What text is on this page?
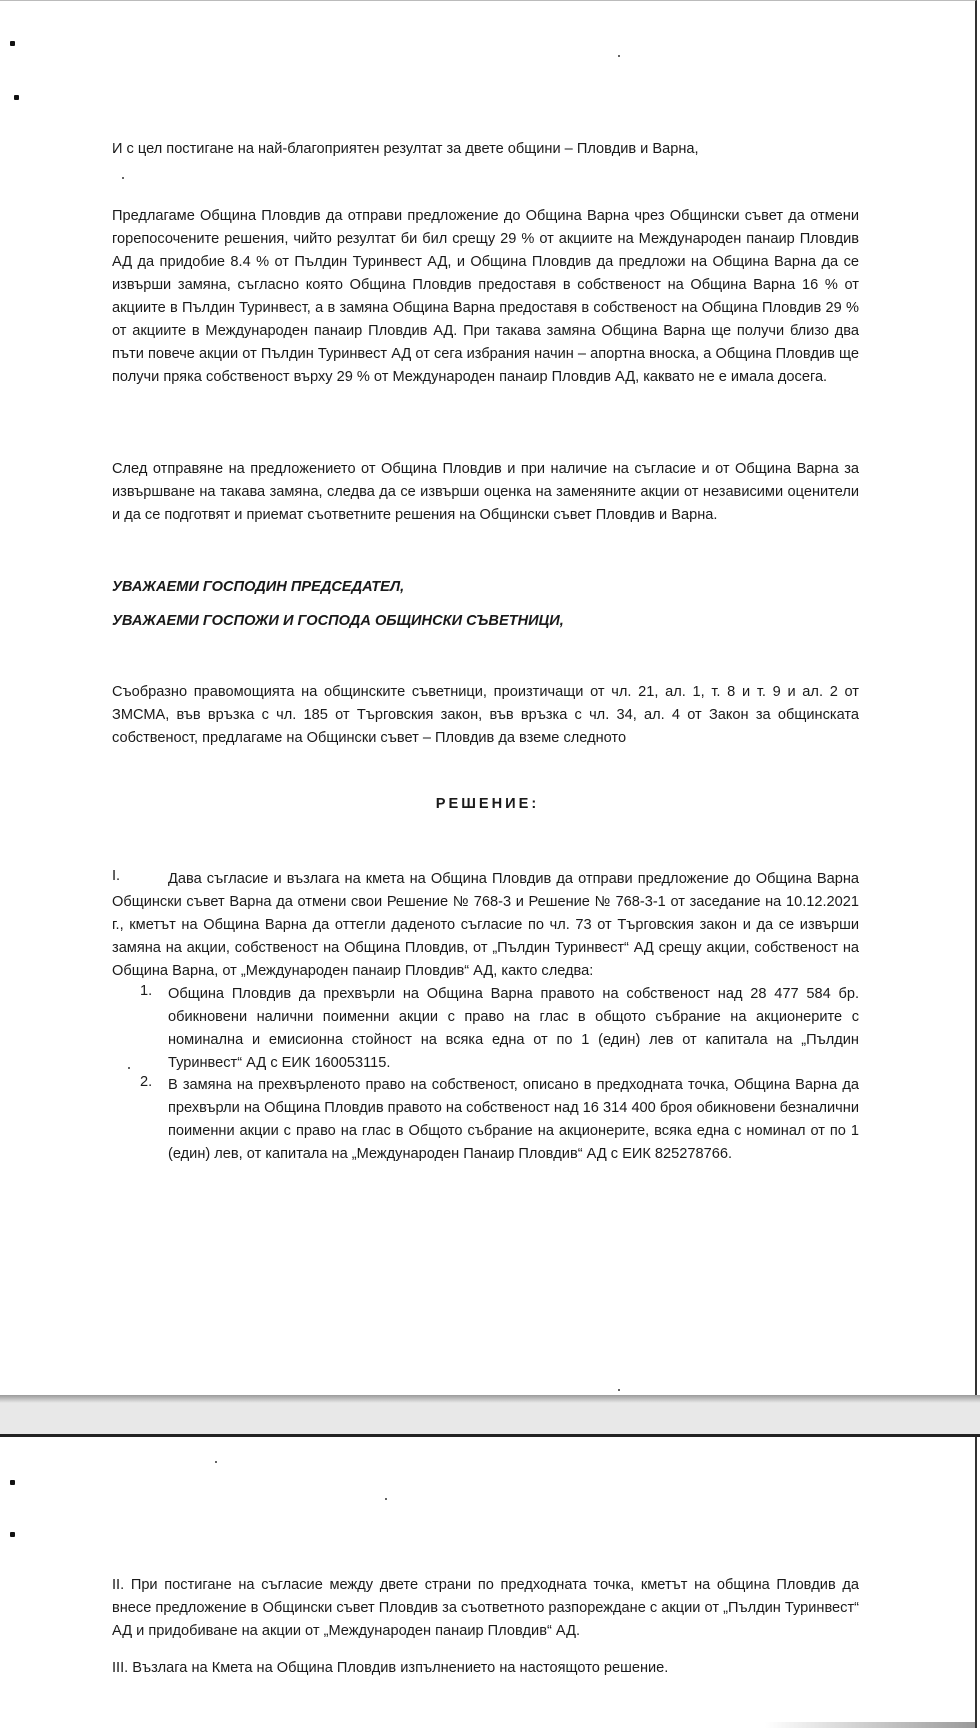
И с цел постигане на най-благоприятен резултат за двете общини – Пловдив и Варна,

Предлагаме Община Пловдив да отправи предложение до Община Варна чрез Общински съвет да отмени горепосочените решения, чийто резултат би бил срещу 29 % от акциите на Международен панаир Пловдив АД да придобие 8.4 % от Пълдин Туринвест АД, и Община Пловдив да предложи на Община Варна да се извърши замяна, съгласно която Община Пловдив предоставя в собственост на Община Варна 16 % от акциите в Пълдин Туринвест, а в замяна Община Варна предоставя в собственост на Община Пловдив 29 % от акциите в Международен панаир Пловдив АД. При такава замяна Община Варна ще получи близо два пъти повече акции от Пълдин Туринвест АД от сега избрания начин – апортна вноска, а Община Пловдив ще получи пряка собственост върху 29 % от Международен панаир Пловдив АД, каквато не е имала досега.

След отправяне на предложението от Община Пловдив и при наличие на съгласие и от Община Варна за извършване на такава замяна, следва да се извърши оценка на заменяните акции от независими оценители и да се подготвят и приемат съответните решения на Общински съвет Пловдив и Варна.

УВАЖАЕМИ ГОСПОДИН ПРЕДСЕДАТЕЛ,
УВАЖАЕМИ ГОСПОЖИ И ГОСПОДА ОБЩИНСКИ СЪВЕТНИЦИ,

Съобразно правомощията на общинските съветници, произтичащи от чл. 21, ал. 1, т. 8 и т. 9 и ал. 2 от ЗМСМА, във връзка с чл. 185 от Търговския закон, във връзка с чл. 34, ал. 4 от Закон за общинската собственост, предлагаме на Общински съвет – Пловдив да вземе следното

РЕШЕНИЕ:
I.	Дава съгласие и възлага на кмета на Община Пловдив да отправи предложение до Община Варна Общински съвет Варна да отмени свои Решение № 768-3 и Решение № 768-3-1 от заседание на 10.12.2021 г., кметът на Община Варна да оттегли даденото съгласие по чл. 73 от Търговския закон и да се извърши замяна на акции, собственост на Община Пловдив, от „Пълдин Туринвест“ АД срещу акции, собственост на Община Варна, от „Международен панаир Пловдив“ АД, както следва:

1. Община Пловдив да прехвърли на Община Варна правото на собственост над 28 477 584 бр. обикновени налични поименни акции с право на глас в общото събрание на акционерите с номинална и емисионна стойност на всяка една от по 1 (един) лев от капитала на „Пълдин Туринвест“ АД с ЕИК 160053115.

2. В замяна на прехвърленото право на собственост, описано в предходната точка, Община Варна да прехвърли на Община Пловдив правото на собственост над 16 314 400 броя обикновени безналични поименни акции с право на глас в Общото събрание на акционерите, всяка една с номинал от по 1 (един) лев, от капитала на „Международен Панаир Пловдив“ АД с ЕИК 825278766.

II. При постигане на съгласие между двете страни по предходната точка, кметът на община Пловдив да внесе предложение в Общински съвет Пловдив за съответното разпореждане с акции от „Пълдин Туринвест“ АД и придобиване на акции от „Международен панаир Пловдив“ АД.

III. Възлага на Кмета на Община Пловдив изпълнението на настоящото решение.
